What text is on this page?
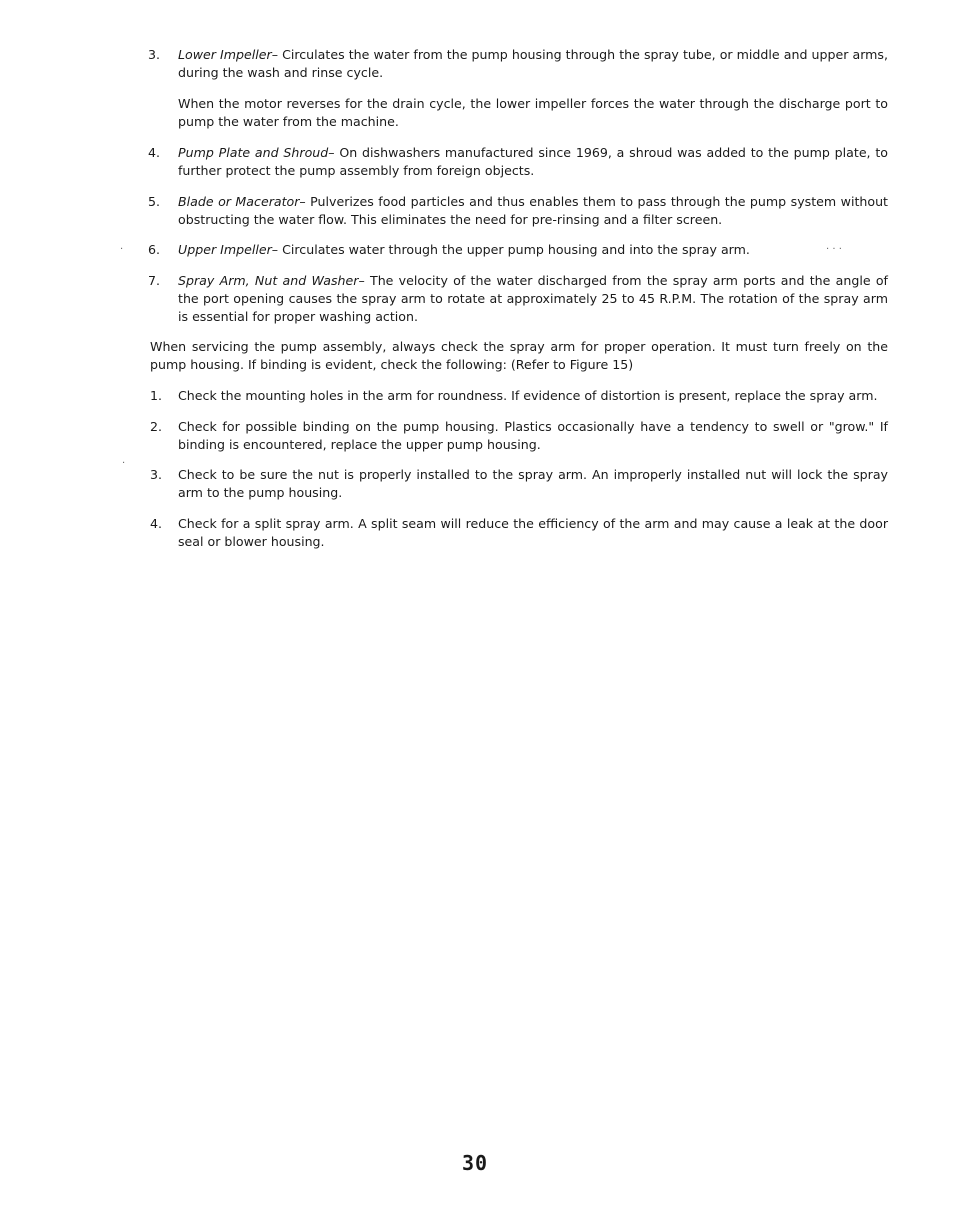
3.	Lower Impeller– Circulates the water from the pump housing through the spray tube, or middle and upper arms, during the wash and rinse cycle.
When the motor reverses for the drain cycle, the lower impeller forces the water through the discharge port to pump the water from the machine.
4.	Pump Plate and Shroud– On dishwashers manufactured since 1969, a shroud was added to the pump plate, to further protect the pump assembly from foreign objects.
5.	Blade or Macerator– Pulverizes food particles and thus enables them to pass through the pump system without obstructing the water flow. This eliminates the need for pre-rinsing and a filter screen.
6.	Upper Impeller– Circulates water through the upper pump housing and into the spray arm.
7.	Spray Arm, Nut and Washer– The velocity of the water discharged from the spray arm ports and the angle of the port opening causes the spray arm to rotate at approximately 25 to 45 R.P.M. The rotation of the spray arm is essential for proper washing action.
When servicing the pump assembly, always check the spray arm for proper operation. It must turn freely on the pump housing. If binding is evident, check the following: (Refer to Figure 15)
1.	Check the mounting holes in the arm for roundness. If evidence of distortion is present, replace the spray arm.
2.	Check for possible binding on the pump housing. Plastics occasionally have a tendency to swell or "grow." If binding is encountered, replace the upper pump housing.
3.	Check to be sure the nut is properly installed to the spray arm. An improperly installed nut will lock the spray arm to the pump housing.
4.	Check for a split spray arm. A split seam will reduce the efficiency of the arm and may cause a leak at the door seal or blower housing.
·
·
· · ·
30
